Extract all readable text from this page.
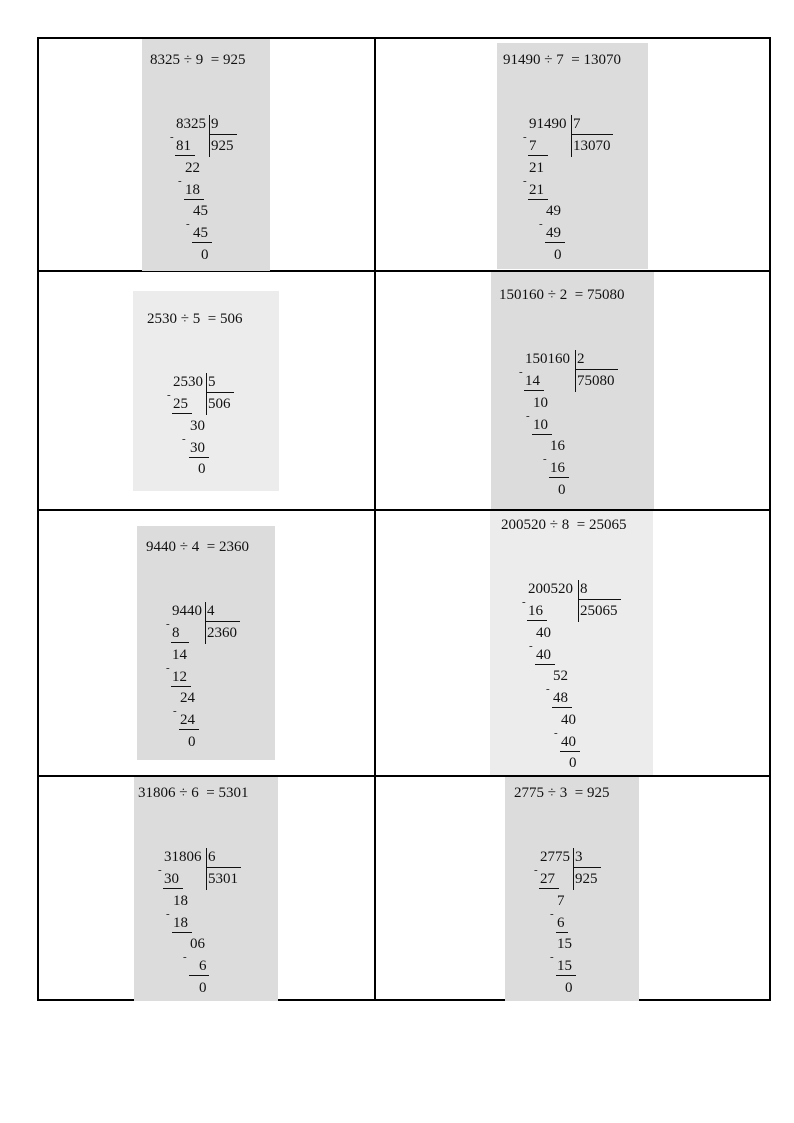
8325 ÷ 9  = 925
8325 9
925
-
81
22
-
18
45
-
45
0
91490 ÷ 7  = 13070
91490 7
13070
-
7
21
-
21
49
-
49
0
2530 ÷ 5  = 506
2530 5
506
-
25
30
-
30
0
150160 ÷ 2  = 75080
150160 2
75080
-
14
10
-
10
16
-
16
0
9440 ÷ 4  = 2360
9440 4
2360
-
8
14
-
12
24
-
24
0
200520 ÷ 8  = 25065
200520 8
25065
-
16
40
-
40
52
-
48
40
-
40
0
31806 ÷ 6  = 5301
31806 6
5301
-
30
18
-
18
06
-
6
0
2775 ÷ 3  = 925
2775 3
925
-
27
7
-
6
15
-
15
0
